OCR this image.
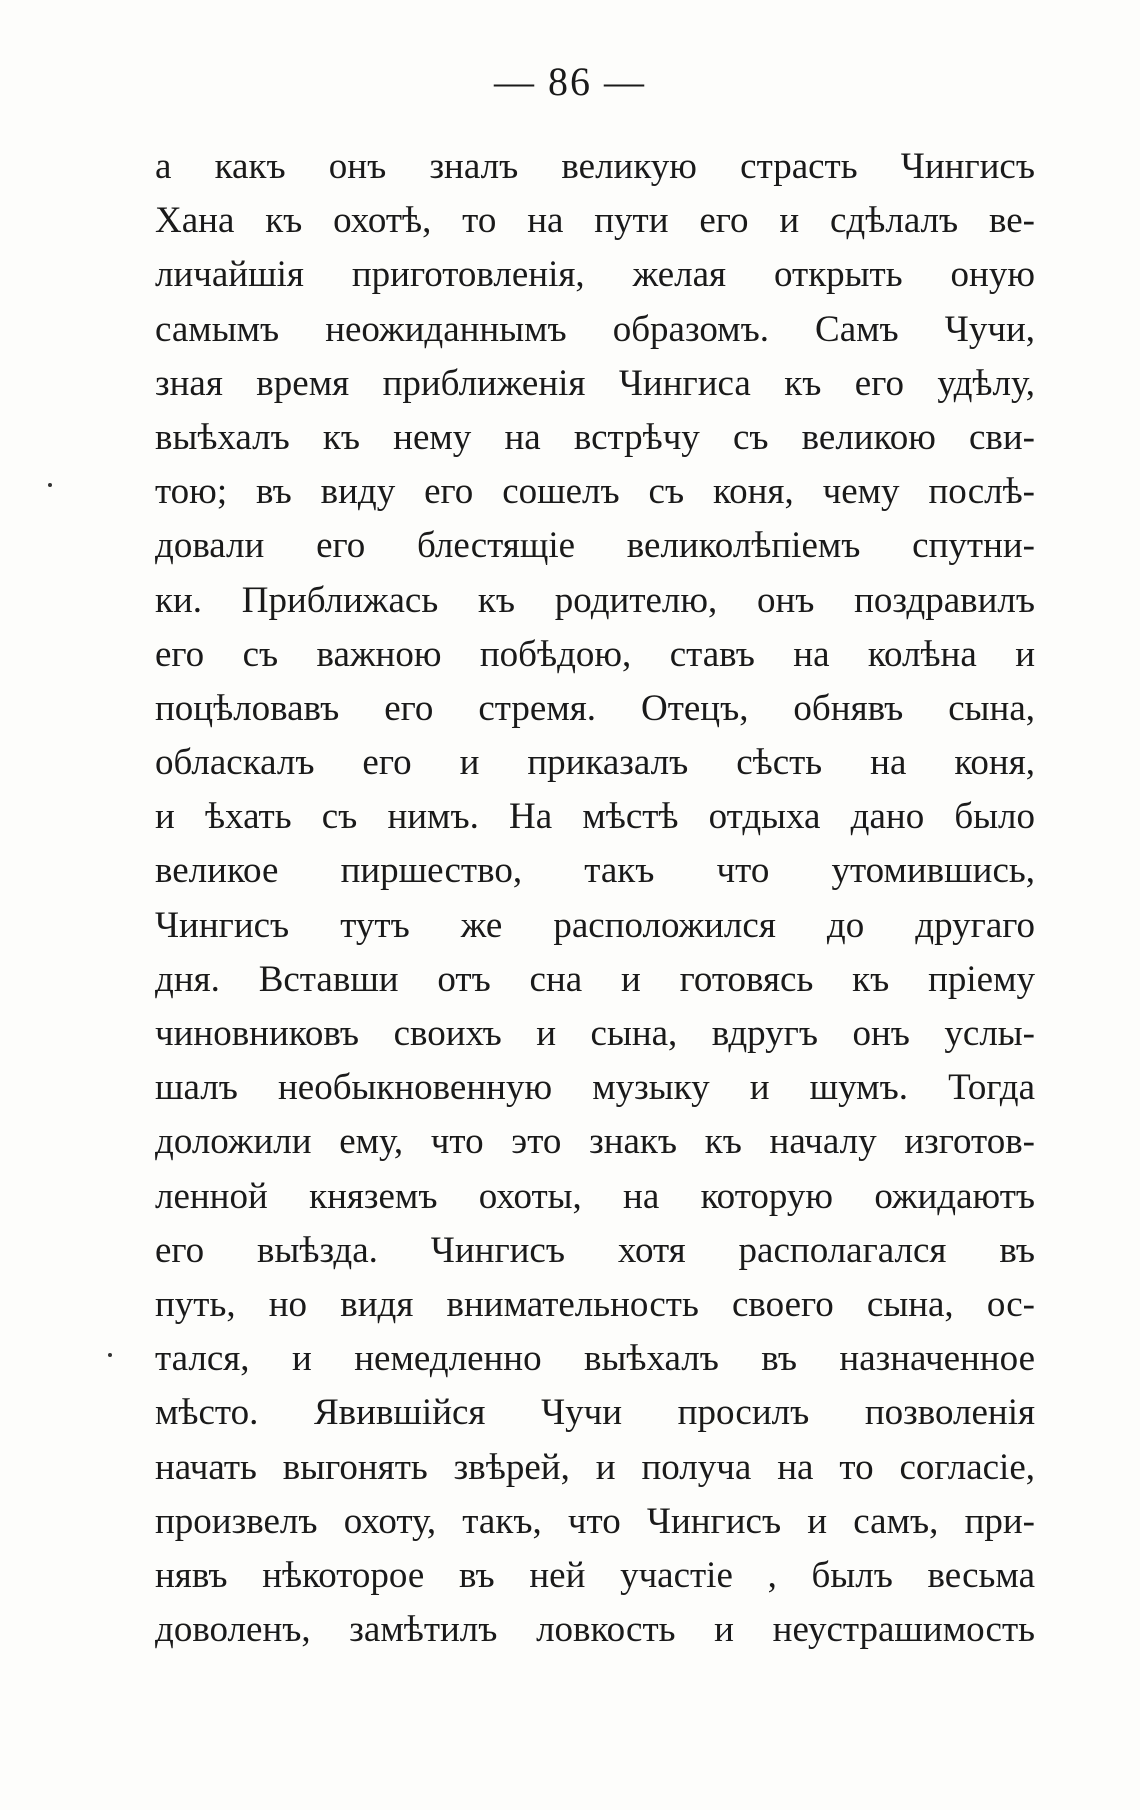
— 86 —
а какъ онъ зналъ великую страсть Чингисъ
Хана къ охотѣ, то на пути его и сдѣлалъ ве-
личайшія приготовленія, желая открыть оную
самымъ неожиданнымъ образомъ. Самъ Чучи,
зная время приближенія Чингиса къ его удѣлу,
выѣхалъ къ нему на встрѣчу съ великою сви-
тою; въ виду его сошелъ съ коня, чему послѣ-
довали его блестящіе великолѣпіемъ спутни-
ки. Приближась къ родителю, онъ поздравилъ
его съ важною побѣдою, ставъ на колѣна и
поцѣловавъ его стремя. Отецъ, обнявъ сына,
обласкалъ его и приказалъ сѣсть на коня,
и ѣхать съ нимъ. На мѣстѣ отдыха дано было
великое пиршество, такъ что утомившись,
Чингисъ тутъ же расположился до другаго
дня. Вставши отъ сна и готовясь къ пріему
чиновниковъ своихъ и сына, вдругъ онъ услы-
шалъ необыкновенную музыку и шумъ. Тогда
доложили ему, что это знакъ къ началу изготов-
ленной княземъ охоты, на которую ожидаютъ
его выѣзда. Чингисъ хотя располагался въ
путь, но видя внимательность своего сына, ос-
тался, и немедленно выѣхалъ въ назначенное
мѣсто. Явившійся Чучи просилъ позволенія
начать выгонять звѣрей, и получа на то согласіе,
произвелъ охоту, такъ, что Чингисъ и самъ, при-
нявъ нѣкоторое въ ней участіе , былъ весьма
доволенъ, замѣтилъ ловкость и неустрашимость
